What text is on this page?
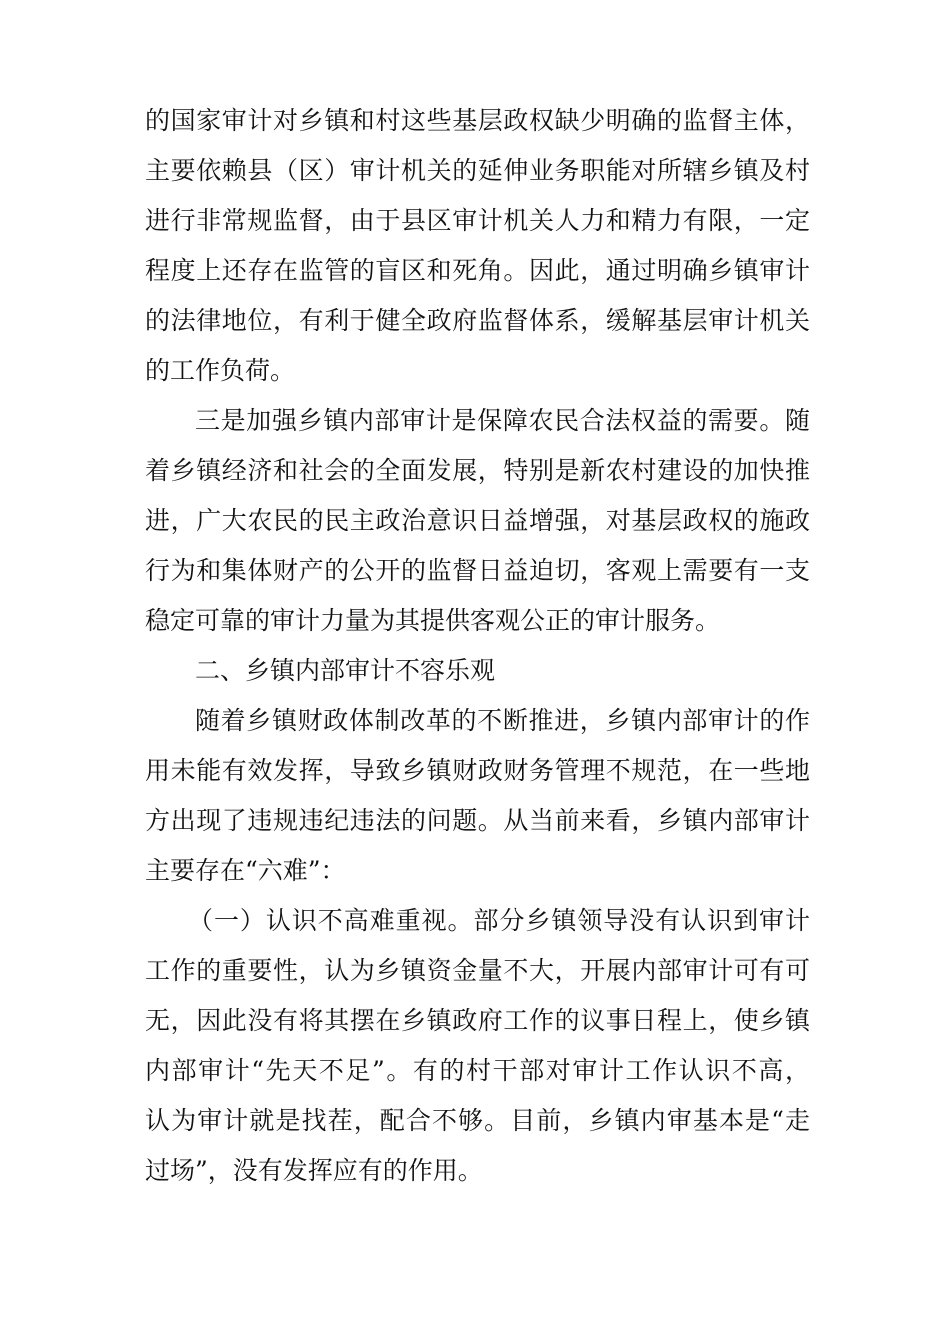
的国家审计对乡镇和村这些基层政权缺少明确的监督主体，
主要依赖县（区）审计机关的延伸业务职能对所辖乡镇及村
进行非常规监督，由于县区审计机关人力和精力有限，一定
程度上还存在监管的盲区和死角。因此，通过明确乡镇审计
的法律地位，有利于健全政府监督体系，缓解基层审计机关
的工作负荷。
三是加强乡镇内部审计是保障农民合法权益的需要。随
着乡镇经济和社会的全面发展，特别是新农村建设的加快推
进，广大农民的民主政治意识日益增强，对基层政权的施政
行为和集体财产的公开的监督日益迫切，客观上需要有一支
稳定可靠的审计力量为其提供客观公正的审计服务。
二、乡镇内部审计不容乐观
随着乡镇财政体制改革的不断推进，乡镇内部审计的作
用未能有效发挥，导致乡镇财政财务管理不规范，在一些地
方出现了违规违纪违法的问题。从当前来看，乡镇内部审计
主要存在“六难”：
（一）认识不高难重视。部分乡镇领导没有认识到审计
工作的重要性，认为乡镇资金量不大，开展内部审计可有可
无，因此没有将其摆在乡镇政府工作的议事日程上，使乡镇
内部审计“先天不足”。有的村干部对审计工作认识不高，
认为审计就是找茬，配合不够。目前，乡镇内审基本是“走
过场”，没有发挥应有的作用。
